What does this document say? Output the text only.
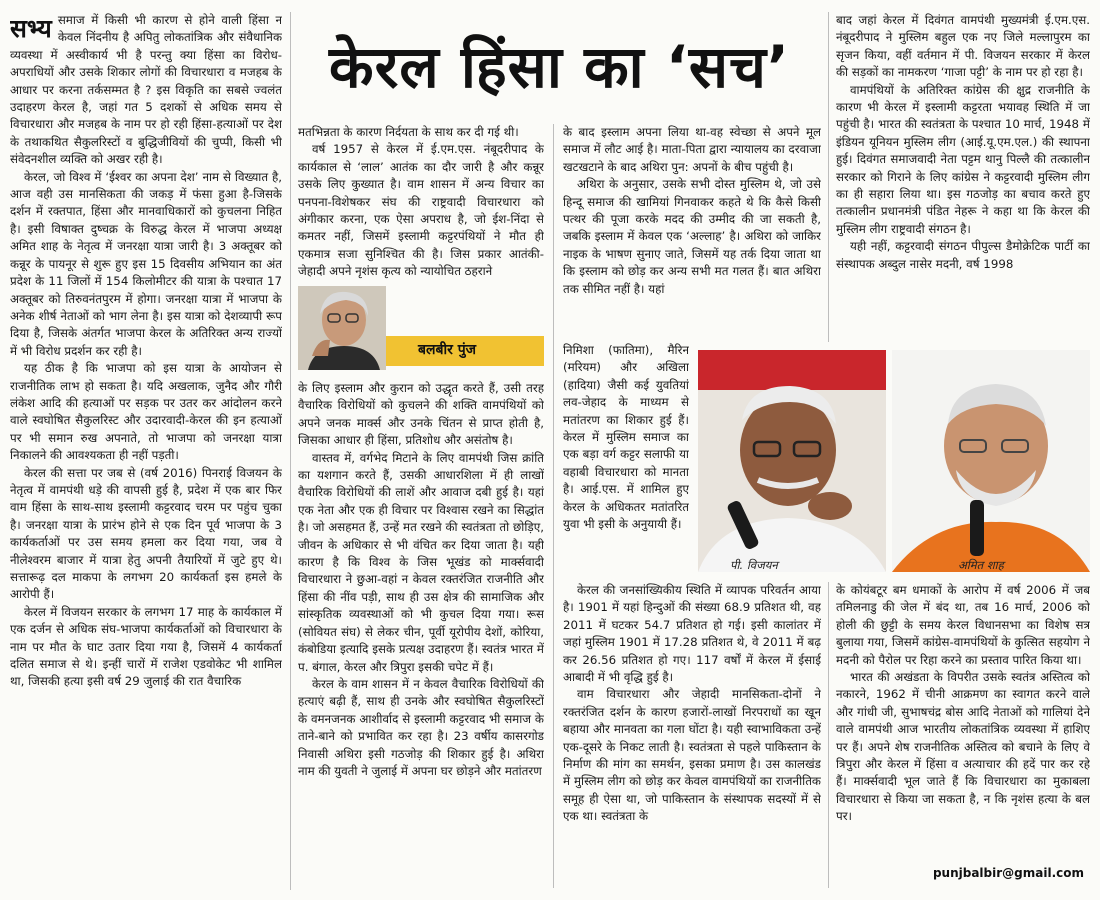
केरल हिंसा का ‘सच’
सभ्य समाज में किसी भी कारण से होने वाली हिंसा न केवल निंदनीय है अपितु लोकतांत्रिक और संवैधानिक व्यवस्था में अस्वीकार्य भी है परन्तु क्या हिंसा का विरोध-अपराधियों और उसके शिकार लोगों की विचारधारा व मजहब के आधार पर करना तर्कसम्मत है ? इस विकृति का सबसे ज्वलंत उदाहरण केरल है, जहां गत 5 दशकों से अधिक समय से विचारधारा और मजहब के नाम पर हो रही हिंसा-हत्याओं पर देश के तथाकथित सैकुलरिस्टों व बुद्धिजीवियों की चुप्पी, किसी भी संवेदनशील व्यक्ति को अखर रही है।

केरल, जो विश्व में ‘ईश्वर का अपना देश’ नाम से विख्यात है, आज वही उस मानसिकता की जकड़ में फंसा हुआ है-जिसके दर्शन में रक्तपात, हिंसा और मानवाधिकारों को कुचलना निहित है। इसी विषाक्त दुष्चक्र के विरुद्ध केरल में भाजपा अध्यक्ष अमित शाह के नेतृत्व में जनरक्षा यात्रा जारी है। 3 अक्तूबर को कन्नूर के पायनूर से शुरू हुए इस 15 दिवसीय अभियान का अंत प्रदेश के 11 जिलों में 154 किलोमीटर की यात्रा के पश्चात 17 अक्तूबर को तिरुवनंतपुरम में होगा। जनरक्षा यात्रा में भाजपा के अनेक शीर्ष नेताओं को भाग लेना है। इस यात्रा को देशव्यापी रूप दिया है, जिसके अंतर्गत भाजपा केरल के अतिरिक्त अन्य राज्यों में भी विरोध प्रदर्शन कर रही है।

यह ठीक है कि भाजपा को इस यात्रा के आयोजन से राजनीतिक लाभ हो सकता है। यदि अखलाक, जुनैद और गौरी लंकेश आदि की हत्याओं पर सड़क पर उतर कर आंदोलन करने वाले स्वघोषित सैकुलरिस्ट और उदारवादी-केरल की इन हत्याओं पर भी समान रुख अपनाते, तो भाजपा को जनरक्षा यात्रा निकालने की आवश्यकता ही नहीं पड़ती।

केरल की सत्ता पर जब से (वर्ष 2016) पिनराई विजयन के नेतृत्व में वामपंथी धड़े की वापसी हुई है, प्रदेश में एक बार फिर वाम हिंसा के साथ-साथ इस्लामी कट्टरवाद चरम पर पहुंच चुका है। जनरक्षा यात्रा के प्रारंभ होने से एक दिन पूर्व भाजपा के 3 कार्यकर्ताओं पर उस समय हमला कर दिया गया, जब वे नीलेश्वरम बाजार में यात्रा हेतु अपनी तैयारियों में जुटे हुए थे। सत्तारूढ़ दल माकपा के लगभग 20 कार्यकर्ता इस हमले के आरोपी हैं।

केरल में विजयन सरकार के लगभग 17 माह के कार्यकाल में एक दर्जन से अधिक संघ-भाजपा कार्यकर्ताओं को विचारधारा के नाम पर मौत के घाट उतार दिया गया है, जिसमें 4 कार्यकर्ता दलित समाज से थे। इन्हीं चारों में राजेश एडवोकेट भी शामिल था, जिसकी हत्या इसी वर्ष 29 जुलाई की रात वैचारिक

मतभिन्नता के कारण निर्दयता के साथ कर दी गई थी।

वर्ष 1957 से केरल में ई.एम.एस. नंबूदरीपाद के कार्यकाल से ‘लाल’ आतंक का दौर जारी है और कन्नूर उसके लिए कुख्यात है। वाम शासन में अन्य विचार का पनपना-विशेषकर संघ की राष्ट्रवादी विचारधारा को अंगीकार करना, एक ऐसा अपराध है, जो ईश-निंदा से कमतर नहीं, जिसमें इस्लामी कट्टरपंथियों ने मौत ही एकमात्र सजा सुनिश्चित की है। जिस प्रकार आतंकी-जेहादी अपने नृशंस कृत्य को न्यायोचित ठहराने

बलबीर पुंज

के लिए इस्लाम और कुरान को उद्धृत करते हैं, उसी तरह वैचारिक विरोधियों को कुचलने की शक्ति वामपंथियों को अपने जनक मार्क्स और उनके चिंतन से प्राप्त होती है, जिसका आधार ही हिंसा, प्रतिशोध और असंतोष है।

वास्तव में, वर्गभेद मिटाने के लिए वामपंथी जिस क्रांति का यशगान करते हैं, उसकी आधारशिला में ही लाखों वैचारिक विरोधियों की लाशें और आवाज दबी हुई है। यहां एक नेता और एक ही विचार पर विश्वास रखने का सिद्धांत है। जो असहमत हैं, उन्हें मत रखने की स्वतंत्रता तो छोड़िए, जीवन के अधिकार से भी वंचित कर दिया जाता है। यही कारण है कि विश्व के जिस भूखंड को मार्क्सवादी विचारधारा ने छुआ-वहां न केवल रक्तरंजित राजनीति और हिंसा की नींव पड़ी, साथ ही उस क्षेत्र की सामाजिक और सांस्कृतिक व्यवस्थाओं को भी कुचल दिया गया। रूस (सोवियत संघ) से लेकर चीन, पूर्वी यूरोपीय देशों, कोरिया, कंबोडिया इत्यादि इसके प्रत्यक्ष उदाहरण हैं। स्वतंत्र भारत में प. बंगाल, केरल और त्रिपुरा इसकी चपेट में हैं।

केरल के वाम शासन में न केवल वैचारिक विरोधियों की हत्याएं बढ़ी हैं, साथ ही उनके और स्वघोषित सैकुलरिस्टों के वमनजनक आशीर्वाद से इस्लामी कट्टरवाद भी समाज के ताने-बाने को प्रभावित कर रहा है। 23 वर्षीय कासरगोड निवासी अथिरा इसी गठजोड़ की शिकार हुई है। अथिरा नाम की युवती ने जुलाई में अपना घर छोड़ने और मतांतरण

के बाद इस्लाम अपना लिया था-वह स्वेच्छा से अपने मूल समाज में लौट आई है। माता-पिता द्वारा न्यायालय का दरवाजा खटखटाने के बाद अथिरा पुन: अपनों के बीच पहुंची है।

अथिरा के अनुसार, उसके सभी दोस्त मुस्लिम थे, जो उसे हिन्दू समाज की खामियां गिनवाकर कहते थे कि कैसे किसी पत्थर की पूजा करके मदद की उम्मीद की जा सकती है, जबकि इस्लाम में केवल एक ‘अल्लाह’ है। अथिरा को जाकिर नाइक के भाषण सुनाए जाते, जिसमें यह तर्क दिया जाता था कि इस्लाम को छोड़ कर अन्य सभी मत गलत हैं। बात अथिरा तक सीमित नहीं है। यहां

निमिशा (फातिमा), मैरिन (मरियम) और अखिला (हादिया) जैसी कई युवतियां लव-जेहाद के माध्यम से मतांतरण का शिकार हुई हैं। केरल में मुस्लिम समाज का एक बड़ा वर्ग कट्टर सलाफी या वहाबी विचारधारा को मानता है। आई.एस. में शामिल हुए केरल के अधिकतर मतांतरित युवा भी इसी के अनुयायी हैं।

केरल की जनसांख्यिकीय स्थिति में व्यापक परिवर्तन आया है। 1901 में यहां हिन्दुओं की संख्या 68.9 प्रतिशत थी, वह 2011 में घटकर 54.7 प्रतिशत हो गई। इसी कालांतर में जहां मुस्लिम 1901 में 17.28 प्रतिशत थे, वे 2011 में बढ़ कर 26.56 प्रतिशत हो गए। 117 वर्षों में केरल में ईसाई आबादी में भी वृद्धि हुई है।

वाम विचारधारा और जेहादी मानसिकता-दोनों ने रक्तरंजित दर्शन के कारण हजारों-लाखों निरपराधों का खून बहाया और मानवता का गला घोंटा है। यही स्वाभाविकता उन्हें एक-दूसरे के निकट लाती है। स्वतंत्रता से पहले पाकिस्तान के निर्माण की मांग का समर्थन, इसका प्रमाण है। उस कालखंड में मुस्लिम लीग को छोड़ कर केवल वामपंथियों का राजनीतिक समूह ही ऐसा था, जो पाकिस्तान के संस्थापक सदस्यों में से एक था। स्वतंत्रता के

बाद जहां केरल में दिवंगत वामपंथी मुख्यमंत्री ई.एम.एस. नंबूदरीपाद ने मुस्लिम बहुल एक नए जिले मल्लापुरम का सृजन किया, वहीं वर्तमान में पी. विजयन सरकार में केरल की सड़कों का नामकरण ‘गाजा पट्टी’ के नाम पर हो रहा है।

वामपंथियों के अतिरिक्त कांग्रेस की क्षुद्र राजनीति के कारण भी केरल में इस्लामी कट्टरता भयावह स्थिति में जा पहुंची है। भारत की स्वतंत्रता के पश्चात 10 मार्च, 1948 में इंडियन यूनियन मुस्लिम लीग (आई.यू.एम.एल.) की स्थापना हुई। दिवंगत समाजवादी नेता पट्टम थानु पिल्लै की तत्कालीन सरकार को गिराने के लिए कांग्रेस ने कट्टरवादी मुस्लिम लीग का ही सहारा लिया था। इस गठजोड़ का बचाव करते हुए तत्कालीन प्रधानमंत्री पंडित नेहरू ने कहा था कि केरल की मुस्लिम लीग राष्ट्रवादी संगठन है।

यही नहीं, कट्टरवादी संगठन पीपुल्स डैमोक्रेटिक पार्टी का संस्थापक अब्दुल नासेर मदनी, वर्ष 1998

के कोयंबटूर बम धमाकों के आरोप में वर्ष 2006 में जब तमिलनाडु की जेल में बंद था, तब 16 मार्च, 2006 को होली की छुट्टी के समय केरल विधानसभा का विशेष सत्र बुलाया गया, जिसमें कांग्रेस-वामपंथियों के कुत्सित सहयोग ने मदनी को पैरोल पर रिहा करने का प्रस्ताव पारित किया था।

भारत की अखंडता के विपरीत उसके स्वतंत्र अस्तित्व को नकारने, 1962 में चीनी आक्रमण का स्वागत करने वाले और गांधी जी, सुभाषचंद्र बोस आदि नेताओं को गालियां देने वाले वामपंथी आज भारतीय लोकतांत्रिक व्यवस्था में हाशिए पर हैं। अपने शेष राजनीतिक अस्तित्व को बचाने के लिए वे त्रिपुरा और केरल में हिंसा व अत्याचार की हदें पार कर रहे हैं। मार्क्सवादी भूल जाते हैं कि विचारधारा का मुकाबला विचारधारा से किया जा सकता है, न कि नृशंस हत्या के बल पर।

पी. विजयन	अमित शाह
punjbalbir@gmail.com
